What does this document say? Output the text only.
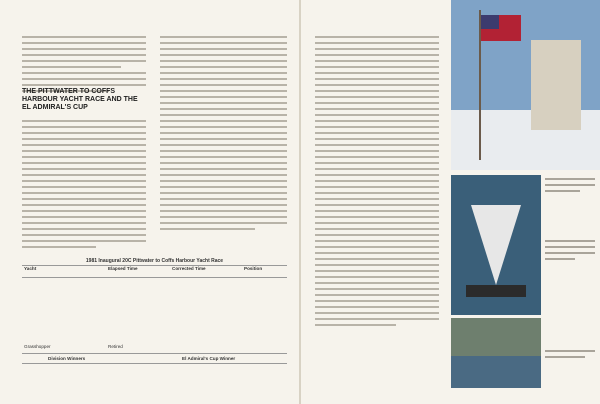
THE PITTWATER TO COFFS HARBOUR YACHT RACE AND THE EL ADMIRAL'S CUP
1981 Inaugural 20C Pittwater to Coffs Harbour Yacht Race
Yacht	Elapsed Time	Corrected Time	Position
Grasshopper	Retired
Division Winners	El Admiral's Cup Winner
